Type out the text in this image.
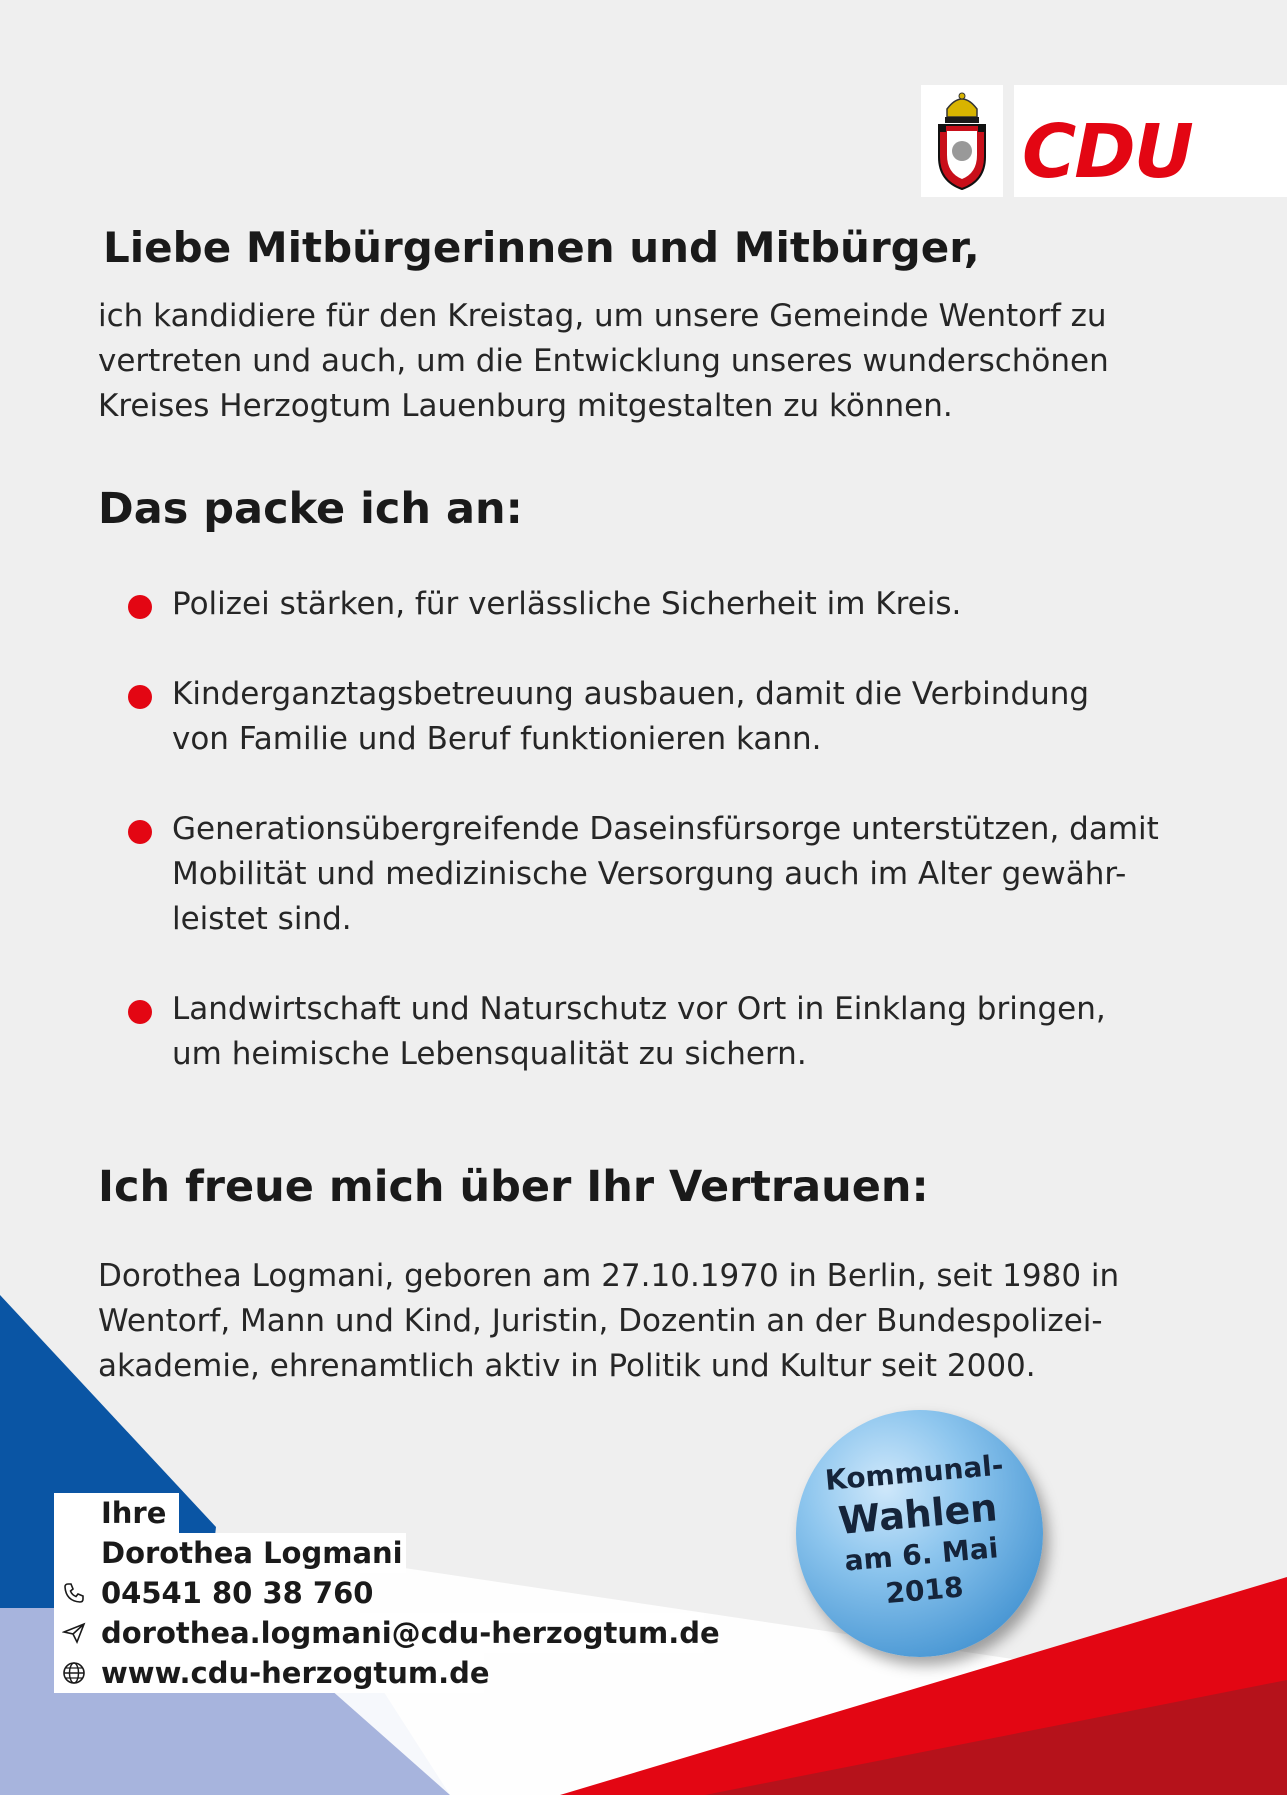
CDU
Liebe Mitbürgerinnen und Mitbürger,
ich kandidiere für den Kreistag, um unsere Gemeinde Wentorf zu
vertreten und auch, um die Entwicklung unseres wunderschönen
Kreises Herzogtum Lauenburg mitgestalten zu können.
Das packe ich an:
Polizei stärken, für verlässliche Sicherheit im Kreis.
Kinderganztagsbetreuung ausbauen, damit die Verbindung
von Familie und Beruf funktionieren kann.
Generationsübergreifende Daseinsfürsorge unterstützen, damit
Mobilität und medizinische Versorgung auch im Alter gewähr-
leistet sind.
Landwirtschaft und Naturschutz vor Ort in Einklang bringen,
um heimische Lebensqualität zu sichern.
Ich freue mich über Ihr Vertrauen:
Dorothea Logmani, geboren am 27.10.1970 in Berlin, seit 1980 in
Wentorf, Mann und Kind, Juristin, Dozentin an der Bundespolizei-
akademie, ehrenamtlich aktiv in Politik und Kultur seit 2000.
Ihre
Dorothea Logmani
04541 80 38 760
dorothea.logmani@cdu-herzogtum.de
www.cdu-herzogtum.de
Kommunal-
Wahlen
am 6. Mai
2018
